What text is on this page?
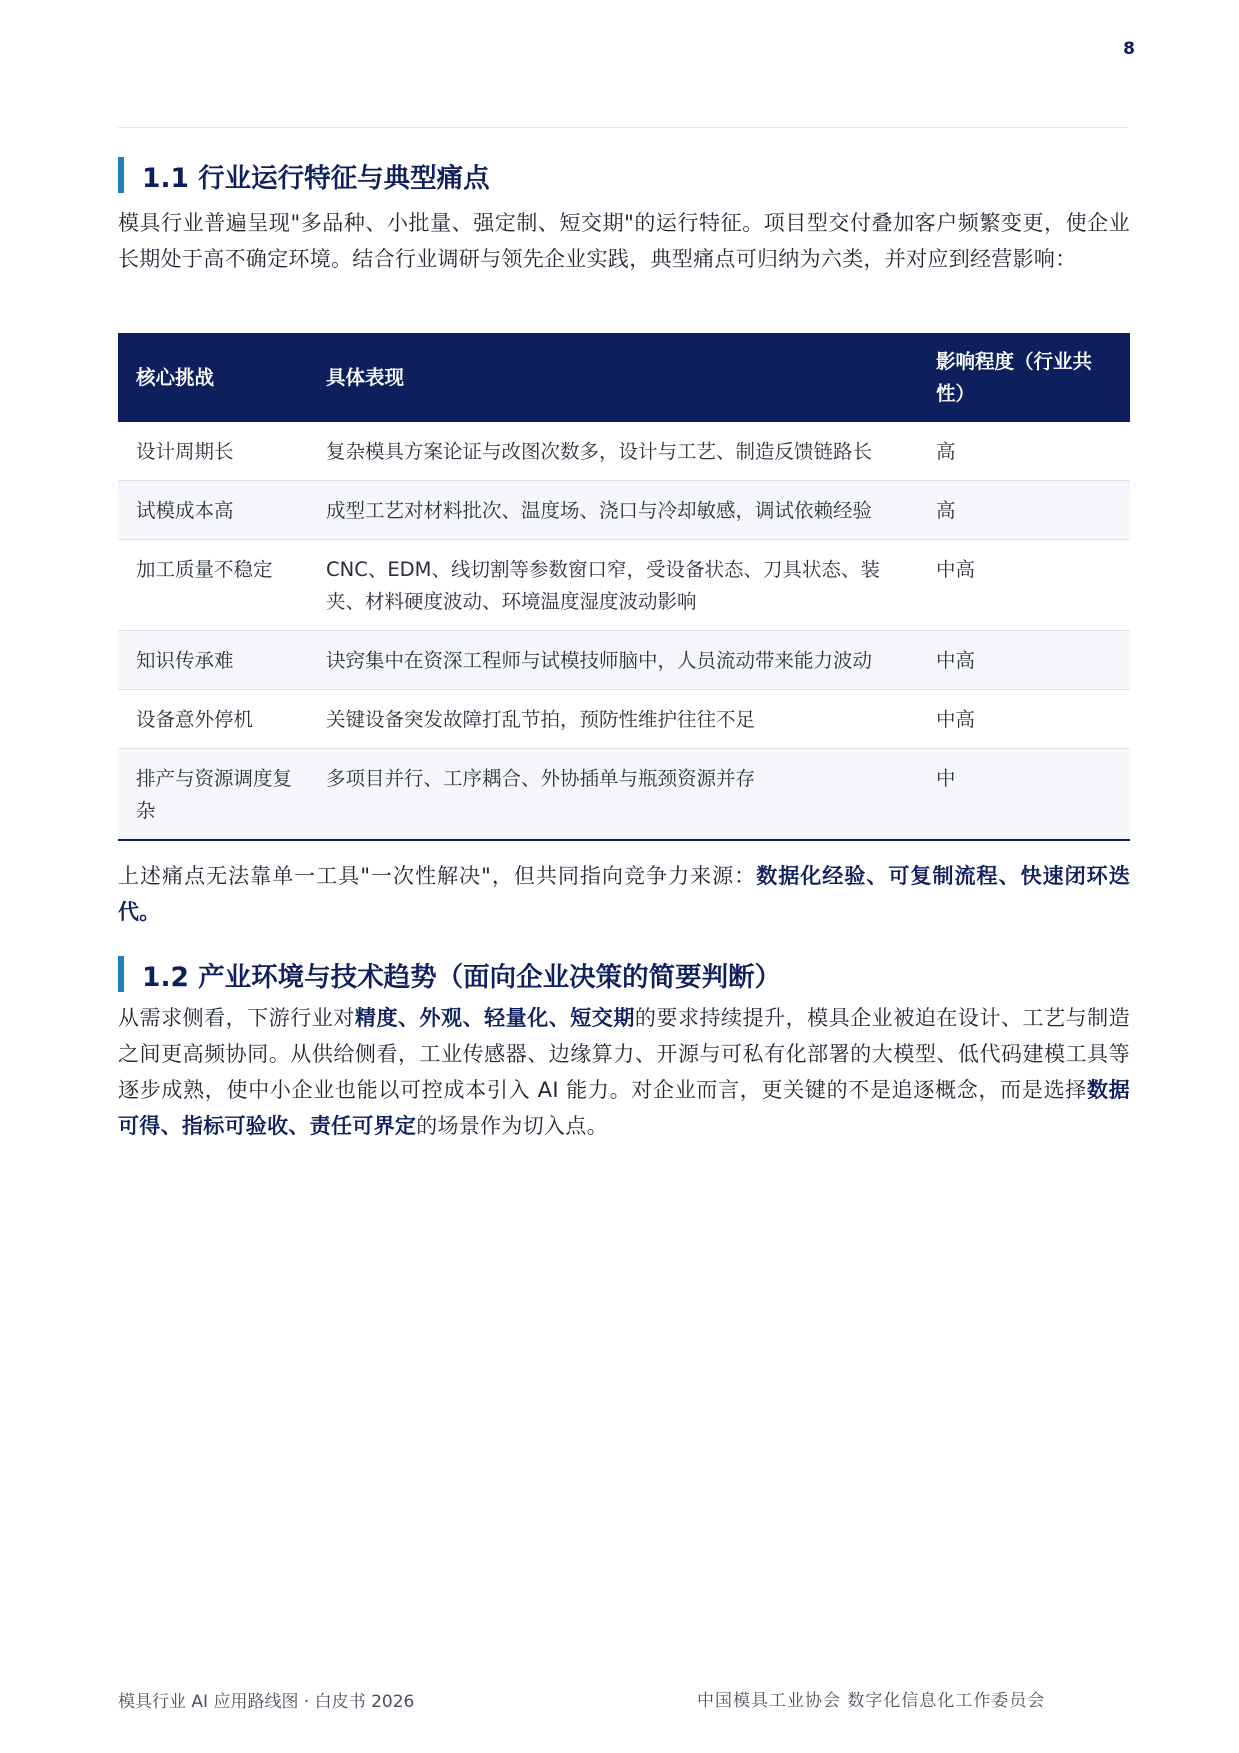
8
1.1 行业运行特征与典型痛点
模具行业普遍呈现"多品种、小批量、强定制、短交期"的运行特征。项目型交付叠加客户频繁变更，使企业长期处于高不确定环境。结合行业调研与领先企业实践，典型痛点可归纳为六类，并对应到经营影响：
核心挑战	具体表现	影响程度（行业共性）
设计周期长	复杂模具方案论证与改图次数多，设计与工艺、制造反馈链路长	高
试模成本高	成型工艺对材料批次、温度场、浇口与冷却敏感，调试依赖经验	高
加工质量不稳定	CNC、EDM、线切割等参数窗口窄，受设备状态、刀具状态、装夹、材料硬度波动、环境温度湿度波动影响	中高
知识传承难	诀窍集中在资深工程师与试模技师脑中，人员流动带来能力波动	中高
设备意外停机	关键设备突发故障打乱节拍，预防性维护往往不足	中高
排产与资源调度复杂	多项目并行、工序耦合、外协插单与瓶颈资源并存	中
上述痛点无法靠单一工具"一次性解决"，但共同指向竞争力来源：数据化经验、可复制流程、快速闭环迭代。
1.2 产业环境与技术趋势（面向企业决策的简要判断）
从需求侧看，下游行业对精度、外观、轻量化、短交期的要求持续提升，模具企业被迫在设计、工艺与制造之间更高频协同。从供给侧看，工业传感器、边缘算力、开源与可私有化部署的大模型、低代码建模工具等逐步成熟，使中小企业也能以可控成本引入 AI 能力。对企业而言，更关键的不是追逐概念，而是选择数据可得、指标可验收、责任可界定的场景作为切入点。
模具行业 AI 应用路线图 · 白皮书 2026	中国模具工业协会 数字化信息化工作委员会
